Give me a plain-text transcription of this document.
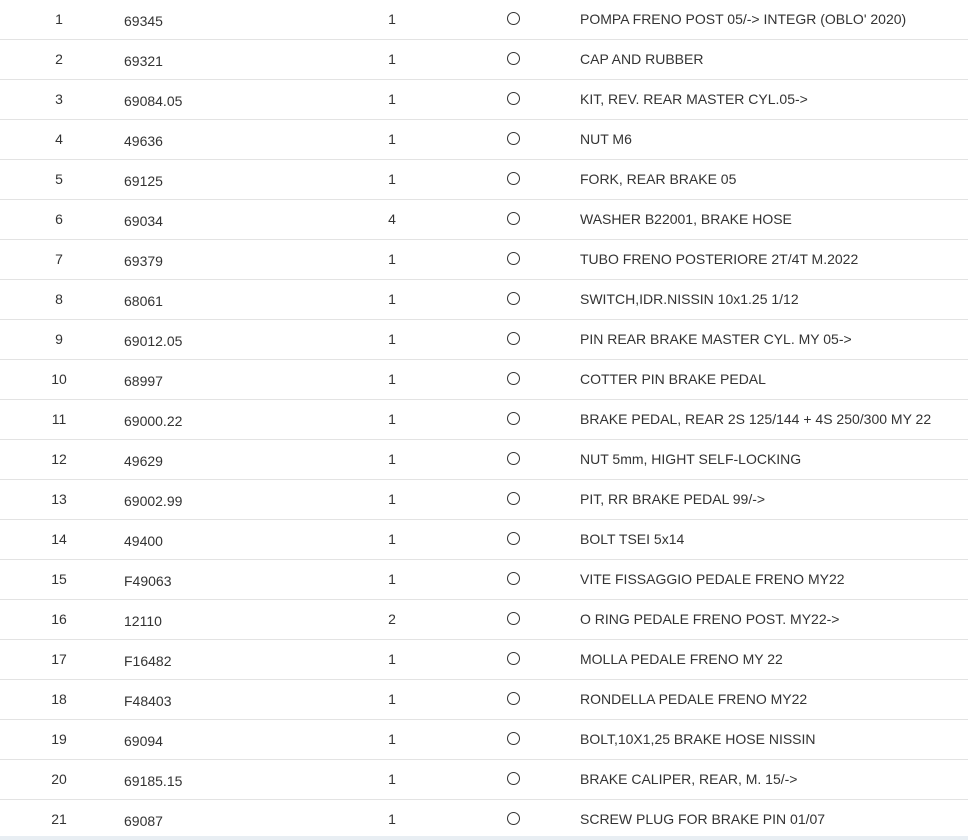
1	69345	1	POMPA FRENO POST 05/-> INTEGR (OBLO' 2020)
2	69321	1	CAP AND RUBBER
3	69084.05	1	KIT, REV. REAR MASTER CYL.05->
4	49636	1	NUT M6
5	69125	1	FORK, REAR BRAKE 05
6	69034	4	WASHER B22001, BRAKE HOSE
7	69379	1	TUBO FRENO POSTERIORE 2T/4T M.2022
8	68061	1	SWITCH,IDR.NISSIN 10x1.25 1/12
9	69012.05	1	PIN REAR BRAKE MASTER CYL. MY 05->
10	68997	1	COTTER PIN BRAKE PEDAL
11	69000.22	1	BRAKE PEDAL, REAR 2S 125/144 + 4S 250/300 MY 22
12	49629	1	NUT 5mm, HIGHT SELF-LOCKING
13	69002.99	1	PIT, RR BRAKE PEDAL 99/->
14	49400	1	BOLT TSEI 5x14
15	F49063	1	VITE FISSAGGIO PEDALE FRENO MY22
16	12110	2	O RING PEDALE FRENO POST. MY22->
17	F16482	1	MOLLA PEDALE FRENO MY 22
18	F48403	1	RONDELLA PEDALE FRENO MY22
19	69094	1	BOLT,10X1,25 BRAKE HOSE NISSIN
20	69185.15	1	BRAKE CALIPER, REAR, M. 15/->
21	69087	1	SCREW PLUG FOR BRAKE PIN 01/07
